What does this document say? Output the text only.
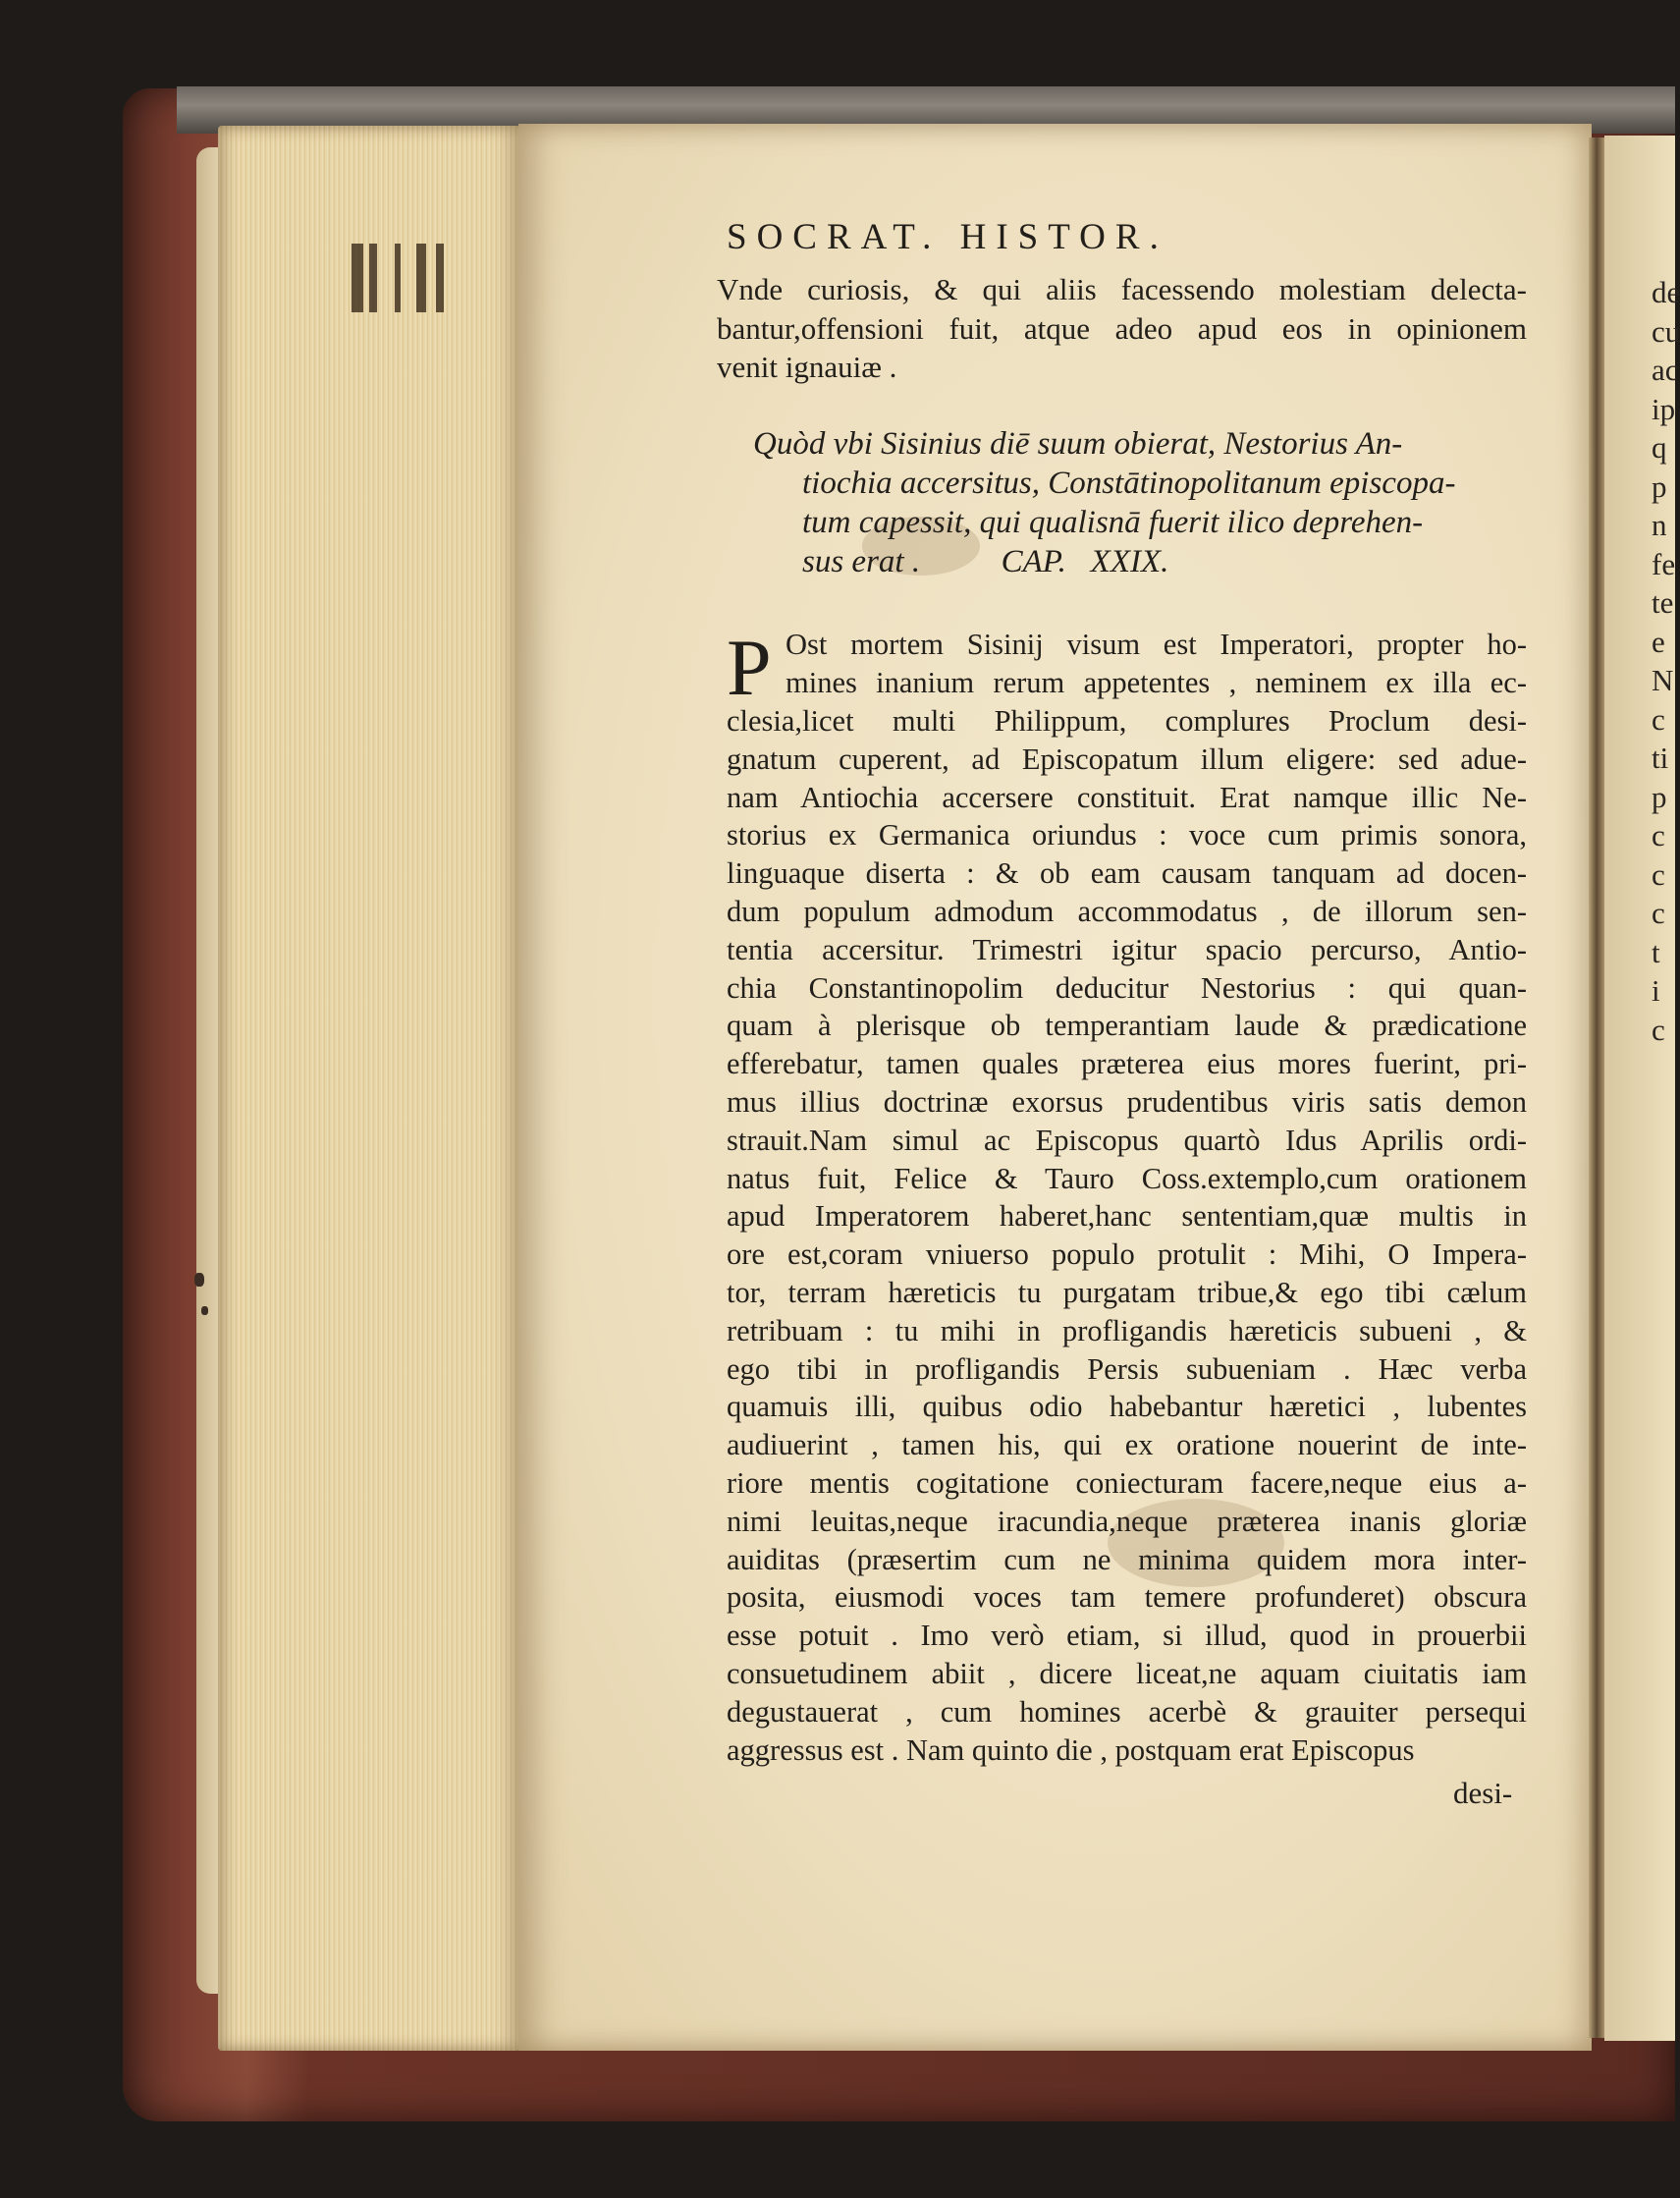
de
cu
ac
ip
q
p
n
fe
te
e
N
c
ti
p
c
c
c
t
i
c
SOCRAT. HISTOR.
Vnde curiosis, & qui aliis facessendo molestiam delecta-
bantur,offensioni fuit, atque adeo apud eos in opinionem
venit ignauiæ .
Quòd vbi Sisinius diē suum obierat, Nestorius An-
tiochia accersitus, Constātinopolitanum episcopa-
tum capessit, qui qualisnā fuerit ilico deprehen-
sus erat .          CAP.   XXIX.
P Ost mortem Sisinij visum est Imperatori, propter ho-
mines inanium rerum appetentes , neminem ex illa ec-
clesia,licet multi Philippum, complures Proclum desi-
gnatum cuperent, ad Episcopatum illum eligere: sed adue-
nam Antiochia accersere constituit. Erat namque illic Ne-
storius ex Germanica oriundus : voce cum primis sonora,
linguaque diserta : & ob eam causam tanquam ad docen-
dum populum admodum accommodatus , de illorum sen-
tentia accersitur. Trimestri igitur spacio percurso, Antio-
chia Constantinopolim deducitur Nestorius : qui quan-
quam à plerisque ob temperantiam laude & prædicatione
efferebatur, tamen quales præterea eius mores fuerint, pri-
mus illius doctrinæ exorsus prudentibus viris satis demon
strauit.Nam simul ac Episcopus quartò Idus Aprilis ordi-
natus fuit, Felice & Tauro Coss.extemplo,cum orationem
apud Imperatorem haberet,hanc sententiam,quæ multis in
ore est,coram vniuerso populo protulit : Mihi, O Impera-
tor, terram hæreticis tu purgatam tribue,& ego tibi cælum
retribuam : tu mihi in profligandis hæreticis subueni , &
ego tibi in profligandis Persis subueniam . Hæc verba
quamuis illi, quibus odio habebantur hæretici , lubentes
audiuerint , tamen his, qui ex oratione nouerint de inte-
riore mentis cogitatione coniecturam facere,neque eius a-
nimi leuitas,neque iracundia,neque præterea inanis gloriæ
auiditas (præsertim cum ne minima quidem mora inter-
posita, eiusmodi voces tam temere profunderet) obscura
esse potuit . Imo verò etiam, si illud, quod in prouerbii
consuetudinem abiit , dicere liceat,ne aquam ciuitatis iam
degustauerat , cum homines acerbè & grauiter persequi
aggressus est . Nam quinto die , postquam erat Episcopus
desi-
